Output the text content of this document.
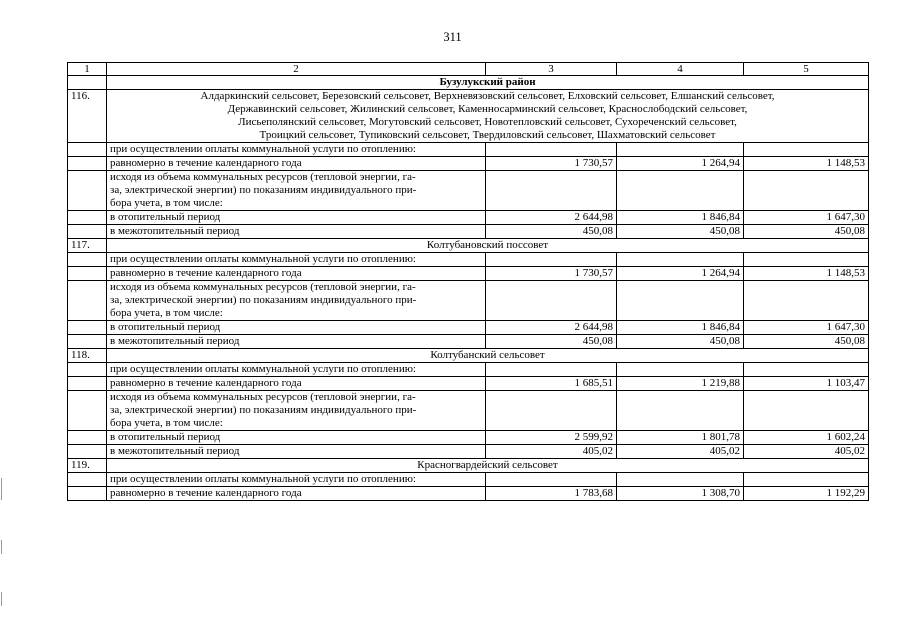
311
1	2	3	4	5
	Бузулукский район			
116.	Алдаркинский сельсовет, Березовский сельсовет, Верхневязовский сельсовет, Елховский сельсовет, Елшанский сельсовет,
Державинский сельсовет, Жилинский сельсовет, Каменносарминский сельсовет, Краснослободский сельсовет,
Лисьеполянский сельсовет, Могутовский сельсовет, Новотепловский сельсовет, Сухореченский сельсовет,
Троицкий сельсовет, Тупиковский сельсовет, Твердиловский сельсовет, Шахматовский сельсовет			

	при осуществлении оплаты коммунальной услуги по отоплению:			
	равномерно в течение календарного года	1 730,57	1 264,94	1 148,53

	исходя из объема коммунальных ресурсов (тепловой энергии, га-
за, электрической энергии) по показаниям индивидуального при-
бора учета, в том числе:			

	в отопительный период	2 644,98	1 846,84	1 647,30
	в межотопительный период	450,08	450,08	450,08
117.	Колтубановский поссовет			
	при осуществлении оплаты коммунальной услуги по отоплению:			
	равномерно в течение календарного года	1 730,57	1 264,94	1 148,53

	исходя из объема коммунальных ресурсов (тепловой энергии, га-
за, электрической энергии) по показаниям индивидуального при-
бора учета, в том числе:			

	в отопительный период	2 644,98	1 846,84	1 647,30
	в межотопительный период	450,08	450,08	450,08
118.	Колтубанский сельсовет			
	при осуществлении оплаты коммунальной услуги по отоплению:			
	равномерно в течение календарного года	1 685,51	1 219,88	1 103,47

	исходя из объема коммунальных ресурсов (тепловой энергии, га-
за, электрической энергии) по показаниям индивидуального при-
бора учета, в том числе:			

	в отопительный период	2 599,92	1 801,78	1 602,24
	в межотопительный период	405,02	405,02	405,02
119.	Красногвардейский сельсовет			
	при осуществлении оплаты коммунальной услуги по отоплению:			
	равномерно в течение календарного года	1 783,68	1 308,70	1 192,29
